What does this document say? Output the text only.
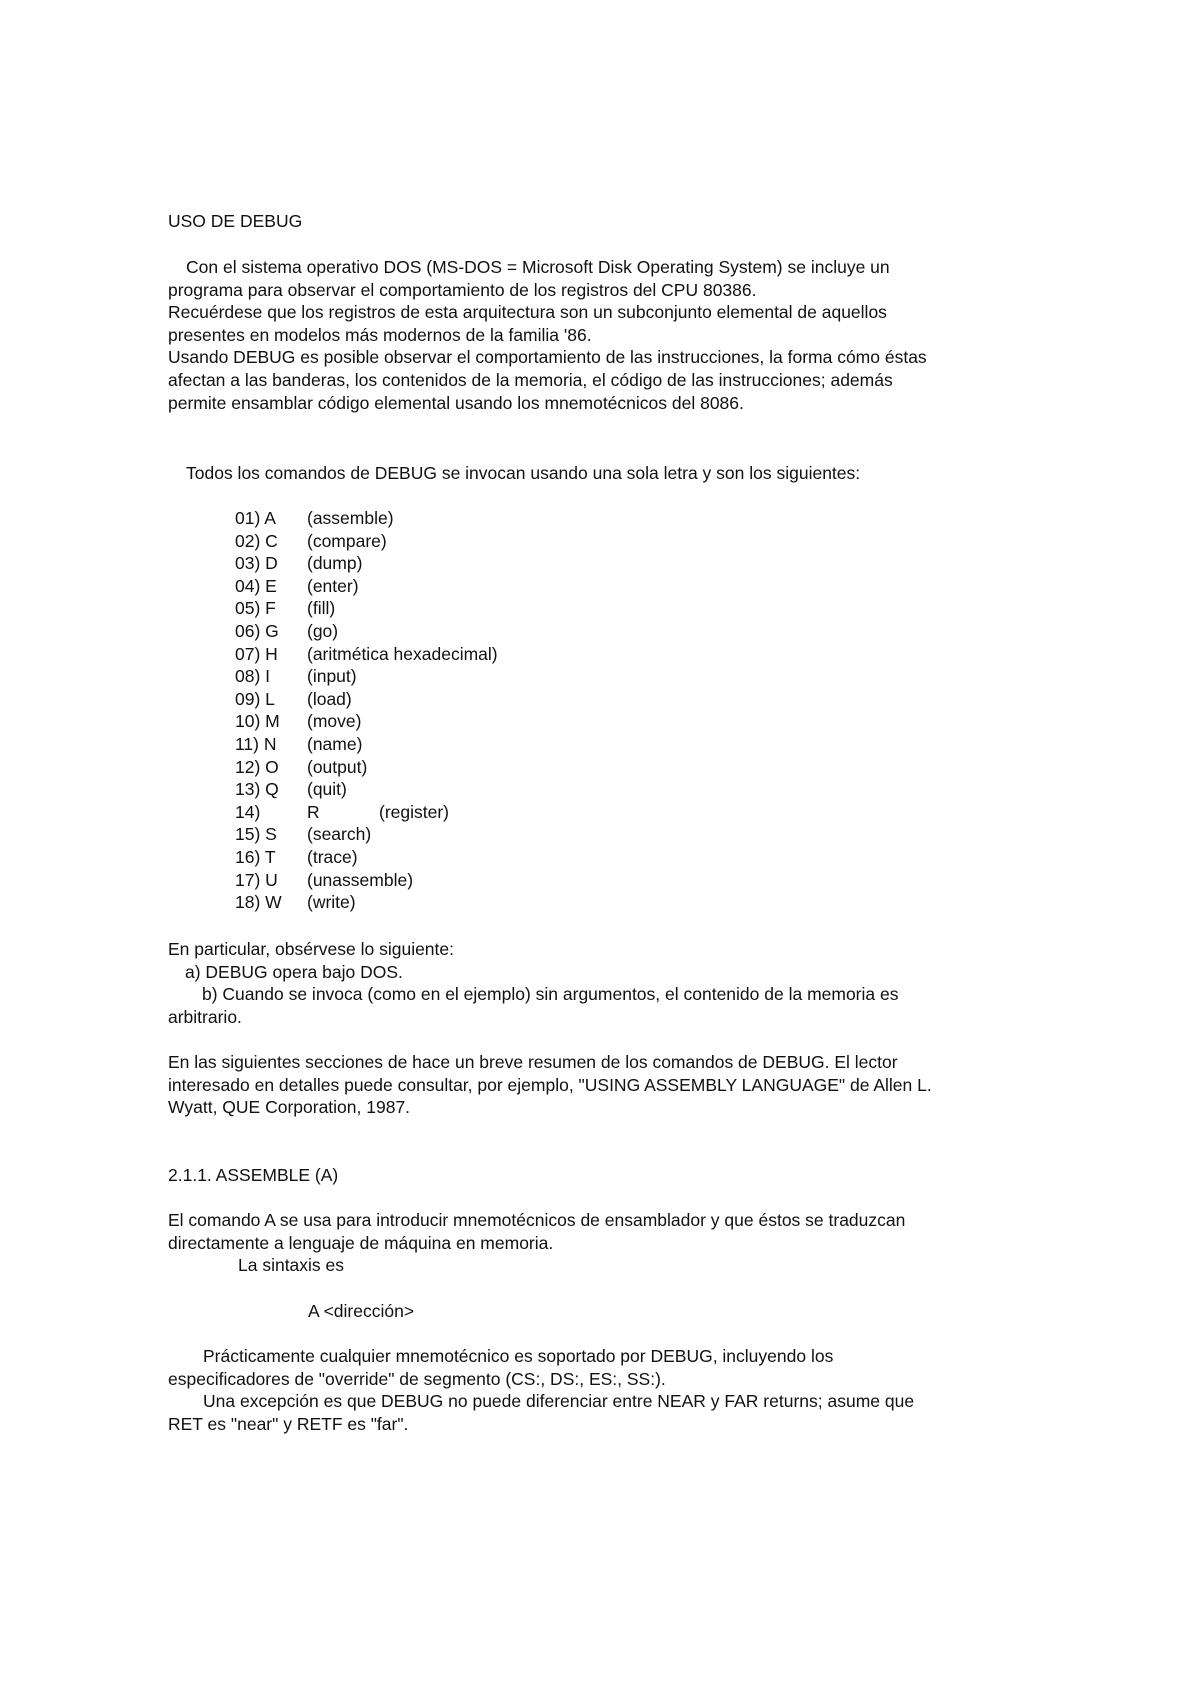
USO DE DEBUG

Con el sistema operativo DOS (MS-DOS = Microsoft Disk Operating System) se incluye un

programa para observar el comportamiento de los registros del CPU 80386.

Recuérdese que los registros de esta arquitectura son un subconjunto elemental de aquellos

presentes en modelos más modernos de la familia '86.

Usando DEBUG es posible observar el comportamiento de las instrucciones, la forma cómo éstas

afectan a las banderas, los contenidos de la memoria, el código de las instrucciones; además

permite ensamblar código elemental usando los mnemotécnicos del 8086.

Todos los comandos de DEBUG se invocan usando una sola letra y son los siguientes:

01) A	(assemble)
02) C	(compare)
03) D	(dump)
04) E	(enter)
05) F	(fill)
06) G	(go)
07) H	(aritmética hexadecimal)
08) I	(input)
09) L	(load)
10) M	(move)
11) N	(name)
12) O	(output)
13) Q	(quit)
14)	R	(register)
15) S	(search)
16) T	(trace)
17) U	(unassemble)
18) W	(write)

En particular, obsérvese lo siguiente:

a) DEBUG opera bajo DOS.

b) Cuando se invoca (como en el ejemplo) sin argumentos, el contenido de la memoria es

arbitrario.

En las siguientes secciones de hace un breve resumen de los comandos de DEBUG. El lector

interesado en detalles puede consultar, por ejemplo, "USING ASSEMBLY LANGUAGE" de Allen L.

Wyatt, QUE Corporation, 1987.

2.1.1. ASSEMBLE (A)

El comando A se usa para introducir mnemotécnicos de ensamblador y que éstos se traduzcan

directamente a lenguaje de máquina en memoria.

La sintaxis es

A <dirección>

Prácticamente cualquier mnemotécnico es soportado por DEBUG, incluyendo los

especificadores de "override" de segmento (CS:, DS:, ES:, SS:).

Una excepción es que DEBUG no puede diferenciar entre NEAR y FAR returns; asume que

RET es "near" y RETF es "far".
